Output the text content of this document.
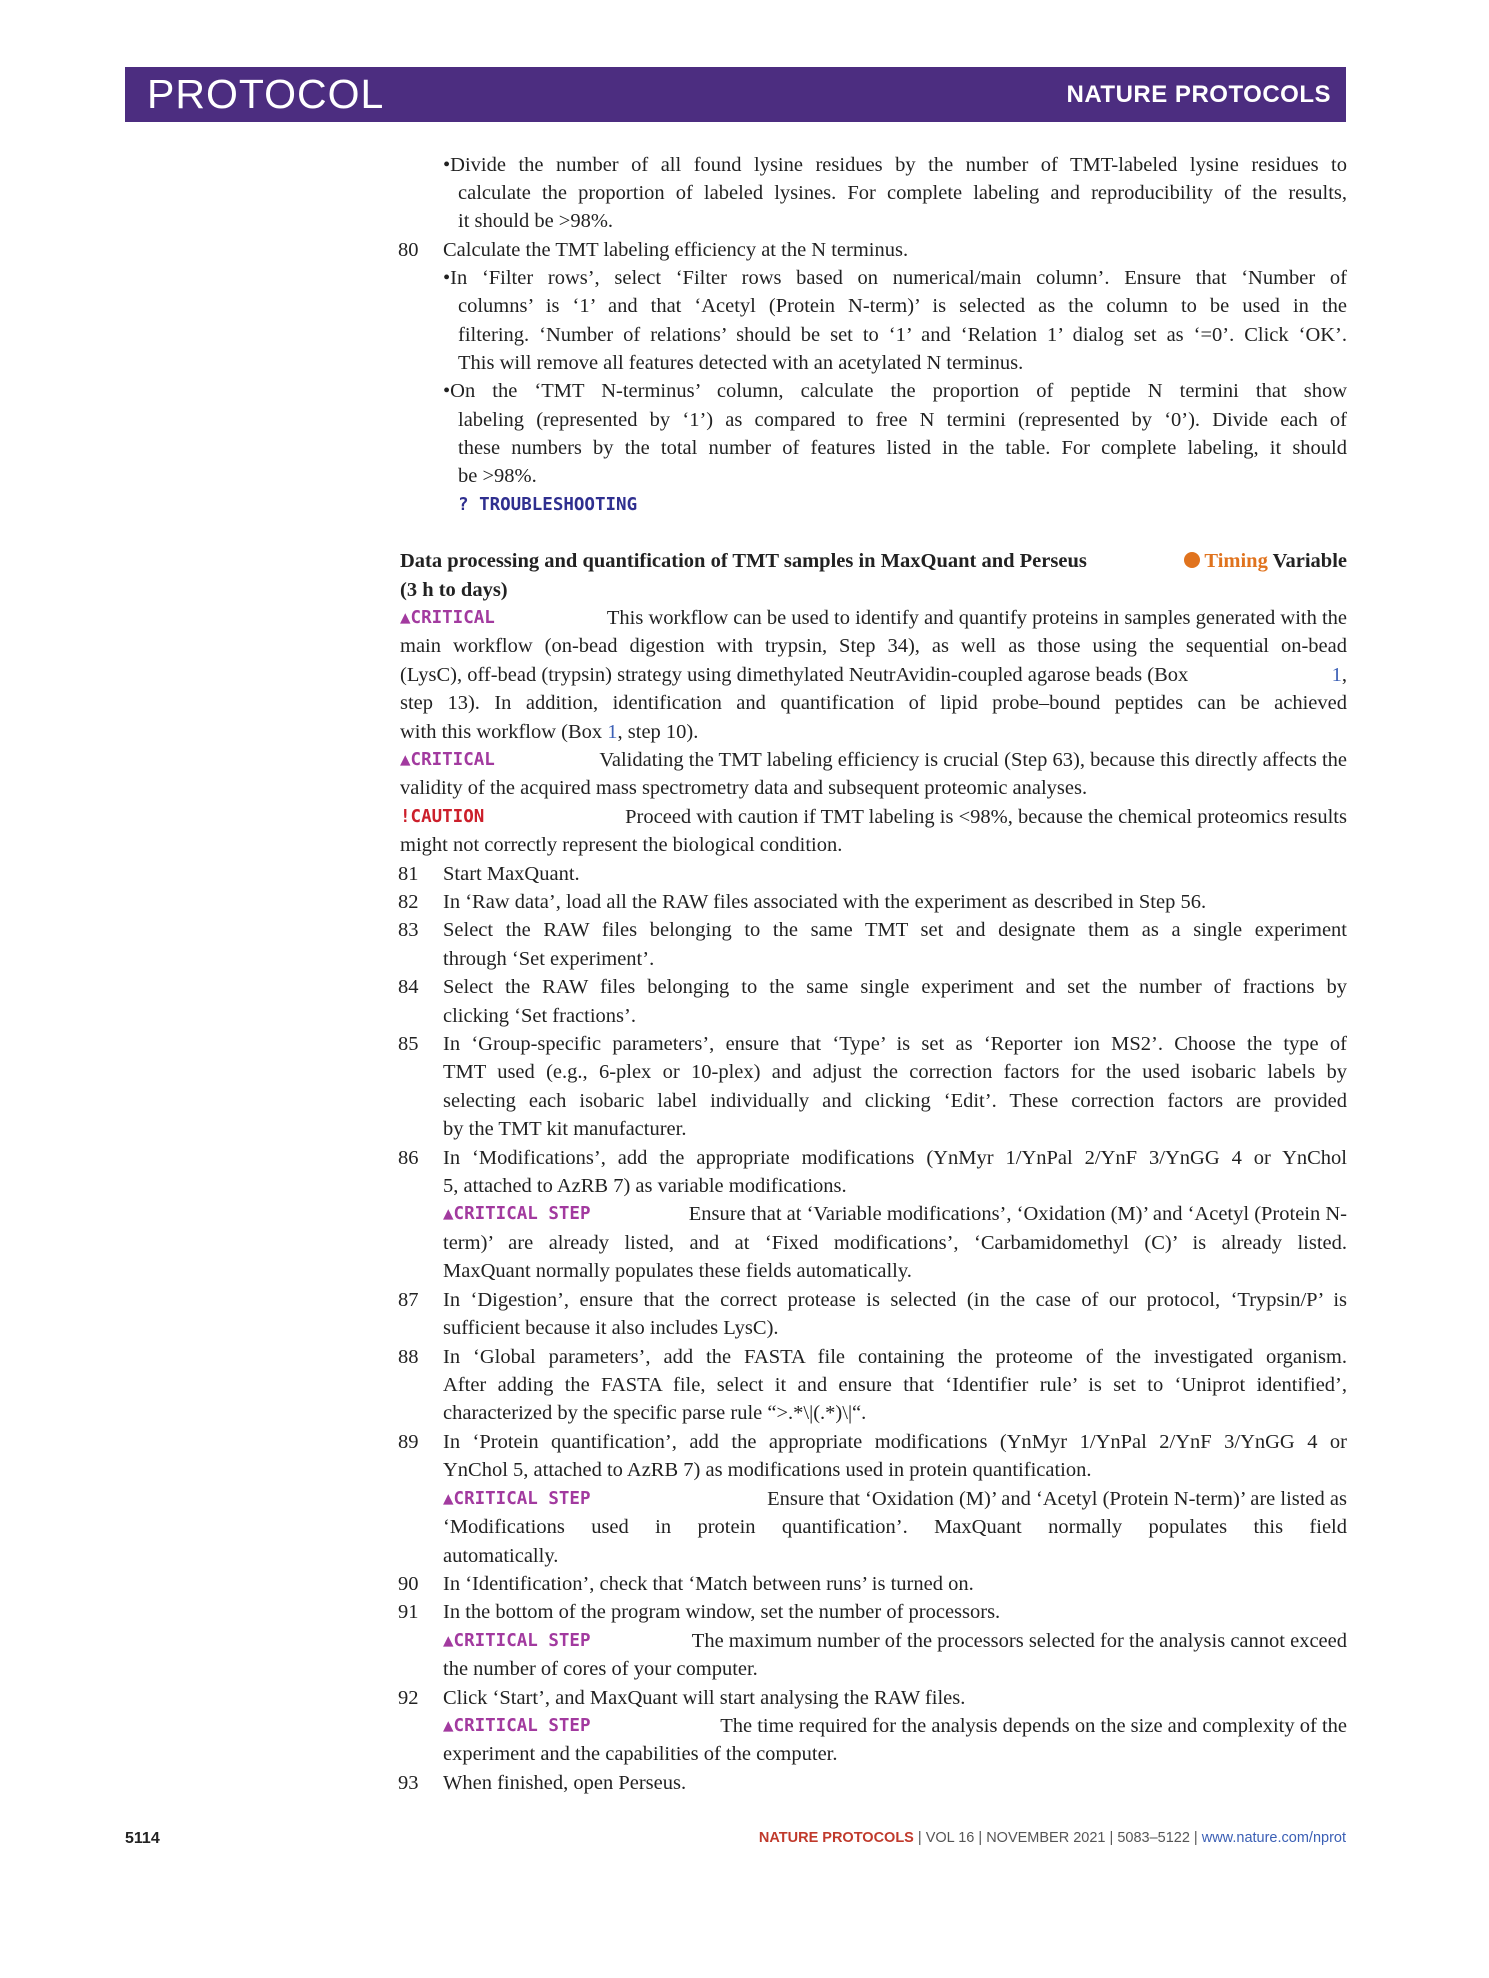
PROTOCOL	NATURE PROTOCOLS
•Divide the number of all found lysine residues by the number of TMT-labeled lysine residues to
calculate the proportion of labeled lysines. For complete labeling and reproducibility of the results,
it should be >98%.
80 Calculate the TMT labeling efficiency at the N terminus.
•In ‘Filter rows’, select ‘Filter rows based on numerical/main column’. Ensure that ‘Number of
columns’ is ‘1’ and that ‘Acetyl (Protein N-term)’ is selected as the column to be used in the
filtering. ‘Number of relations’ should be set to ‘1’ and ‘Relation 1’ dialog set as ‘=0’. Click ‘OK’.
This will remove all features detected with an acetylated N terminus.
•On the ‘TMT N-terminus’ column, calculate the proportion of peptide N termini that show
labeling (represented by ‘1’) as compared to free N termini (represented by ‘0’). Divide each of
these numbers by the total number of features listed in the table. For complete labeling, it should
be >98%.
? TROUBLESHOOTING
Data processing and quantification of TMT samples in MaxQuant and Perseus	Timing Variable
(3 h to days)
▲CRITICAL	This workflow can be used to identify and quantify proteins in samples generated with the
main workflow (on-bead digestion with trypsin, Step 34), as well as those using the sequential on-bead
(LysC), off-bead (trypsin) strategy using dimethylated NeutrAvidin-coupled agarose beads (Box	1,
step 13). In addition, identification and quantification of lipid probe–bound peptides can be achieved
with this workflow (Box 1, step 10).
▲CRITICAL	Validating the TMT labeling efficiency is crucial (Step 63), because this directly affects the
validity of the acquired mass spectrometry data and subsequent proteomic analyses.
!CAUTION	Proceed with caution if TMT labeling is <98%, because the chemical proteomics results
might not correctly represent the biological condition.
81 Start MaxQuant.
82 In ‘Raw data’, load all the RAW files associated with the experiment as described in Step 56.
83 Select the RAW files belonging to the same TMT set and designate them as a single experiment
through ‘Set experiment’.
84 Select the RAW files belonging to the same single experiment and set the number of fractions by
clicking ‘Set fractions’.
85 In ‘Group-specific parameters’, ensure that ‘Type’ is set as ‘Reporter ion MS2’. Choose the type of
TMT used (e.g., 6-plex or 10-plex) and adjust the correction factors for the used isobaric labels by
selecting each isobaric label individually and clicking ‘Edit’. These correction factors are provided
by the TMT kit manufacturer.
86 In ‘Modifications’, add the appropriate modifications (YnMyr 1/YnPal 2/YnF 3/YnGG 4 or YnChol
5, attached to AzRB 7) as variable modifications.
▲CRITICAL STEP	Ensure that at ‘Variable modifications’, ‘Oxidation (M)’ and ‘Acetyl (Protein N-
term)’ are already listed, and at ‘Fixed modifications’, ‘Carbamidomethyl (C)’ is already listed.
MaxQuant normally populates these fields automatically.
87 In ‘Digestion’, ensure that the correct protease is selected (in the case of our protocol, ‘Trypsin/P’ is
sufficient because it also includes LysC).
88 In ‘Global parameters’, add the FASTA file containing the proteome of the investigated organism.
After adding the FASTA file, select it and ensure that ‘Identifier rule’ is set to ‘Uniprot identified’,
characterized by the specific parse rule “>.*\|(.*)\|“.
89 In ‘Protein quantification’, add the appropriate modifications (YnMyr 1/YnPal 2/YnF 3/YnGG 4 or
YnChol 5, attached to AzRB 7) as modifications used in protein quantification.
▲CRITICAL STEP	Ensure that ‘Oxidation (M)’ and ‘Acetyl (Protein N-term)’ are listed as
‘Modifications used in protein quantification’. MaxQuant normally populates this field
automatically.
90 In ‘Identification’, check that ‘Match between runs’ is turned on.
91 In the bottom of the program window, set the number of processors.
▲CRITICAL STEP	The maximum number of the processors selected for the analysis cannot exceed
the number of cores of your computer.
92 Click ‘Start’, and MaxQuant will start analysing the RAW files.
▲CRITICAL STEP	The time required for the analysis depends on the size and complexity of the
experiment and the capabilities of the computer.
93 When finished, open Perseus.
5114	NATURE PROTOCOLS | VOL 16 | NOVEMBER 2021 | 5083–5122 | www.nature.com/nprot
